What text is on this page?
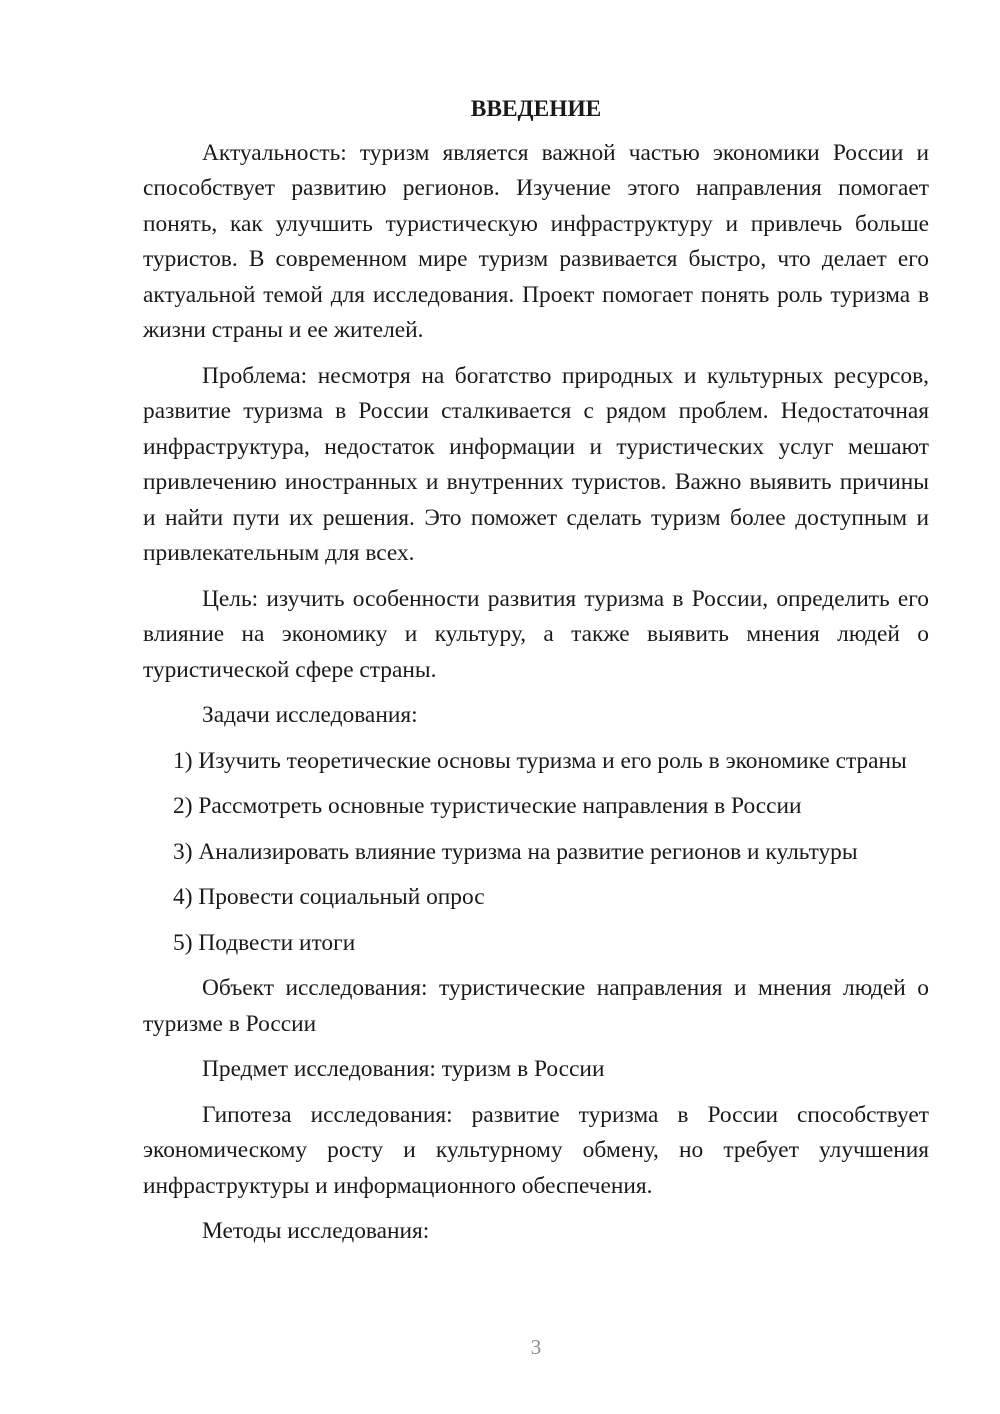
ВВЕДЕНИЕ

Актуальность: туризм является важной частью экономики России и способствует развитию регионов. Изучение этого направления помогает понять, как улучшить туристическую инфраструктуру и привлечь больше туристов. В современном мире туризм развивается быстро, что делает его актуальной темой для исследования. Проект помогает понять роль туризма в жизни страны и ее жителей.

Проблема: несмотря на богатство природных и культурных ресурсов, развитие туризма в России сталкивается с рядом проблем. Недостаточная инфраструктура, недостаток информации и туристических услуг мешают привлечению иностранных и внутренних туристов. Важно выявить причины и найти пути их решения. Это поможет сделать туризм более доступным и привлекательным для всех.

Цель: изучить особенности развития туризма в России, определить его влияние на экономику и культуру, а также выявить мнения людей о туристической сфере страны.

Задачи исследования:

1) Изучить теоретические основы туризма и его роль в экономике страны

2) Рассмотреть основные туристические направления в России

3) Анализировать влияние туризма на развитие регионов и культуры

4) Провести социальный опрос

5) Подвести итоги

Объект исследования: туристические направления и мнения людей о туризме в России

Предмет исследования: туризм в России

Гипотеза исследования: развитие туризма в России способствует экономическому росту и культурному обмену, но требует улучшения инфраструктуры и информационного обеспечения.

Методы исследования:

3
